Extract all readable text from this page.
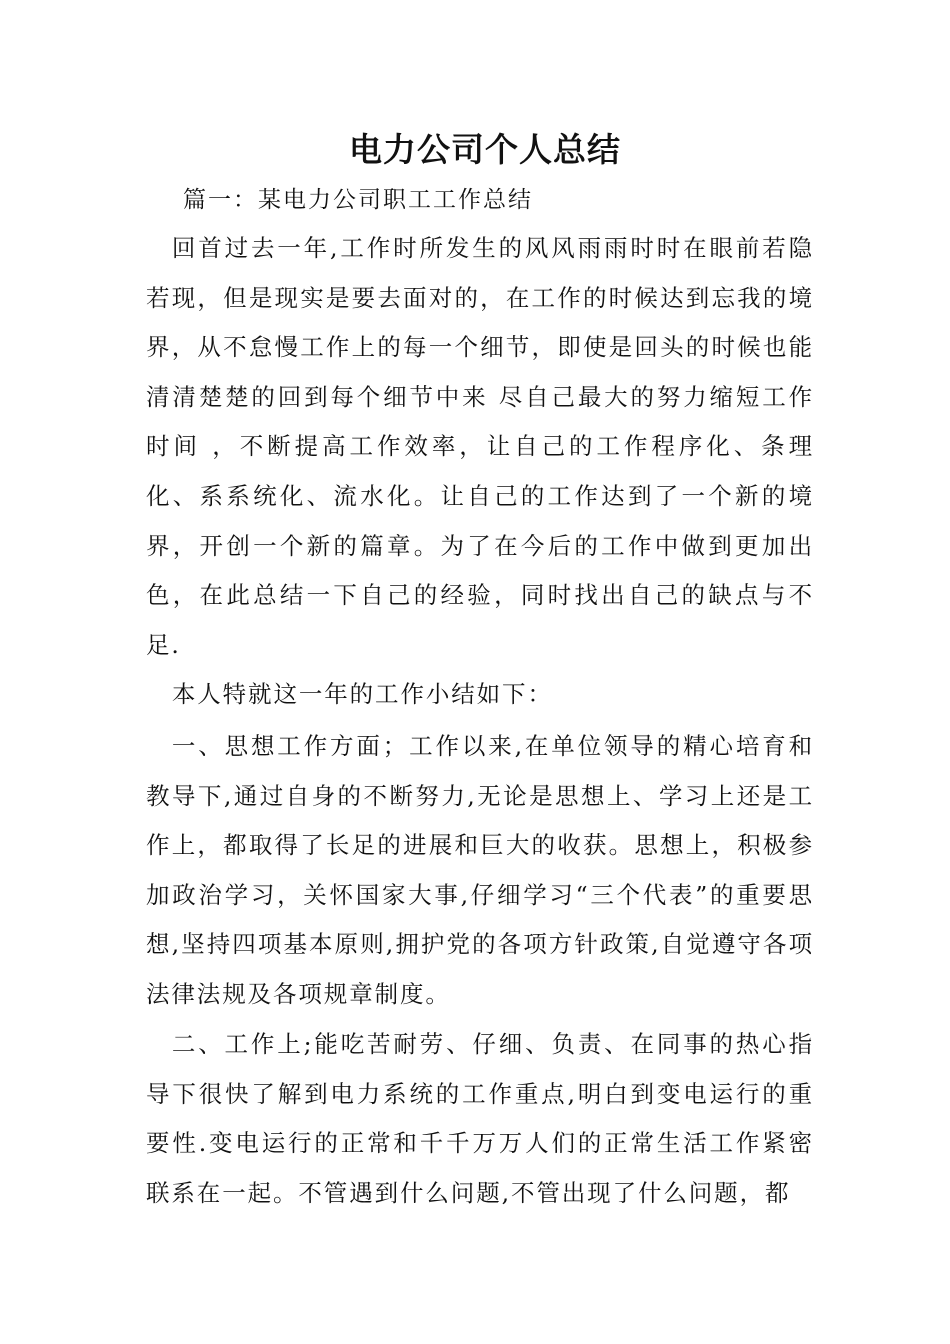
电力公司个人总结

篇一：某电力公司职工工作总结

回首过去一年,工作时所发生的风风雨雨时时在眼前若隐若现，但是现实是要去面对的，在工作的时候达到忘我的境界，从不怠慢工作上的每一个细节，即使是回头的时候也能清清楚楚的回到每个细节中来 尽自己最大的努力缩短工作时间 ，不断提高工作效率，让自己的工作程序化、条理化、系系统化、流水化。让自己的工作达到了一个新的境界，开创一个新的篇章。为了在今后的工作中做到更加出色，在此总结一下自己的经验，同时找出自己的缺点与不足.

本人特就这一年的工作小结如下：

一、思想工作方面；工作以来,在单位领导的精心培育和教导下,通过自身的不断努力,无论是思想上、学习上还是工作上，都取得了长足的进展和巨大的收获。思想上，积极参加政治学习，关怀国家大事,仔细学习“三个代表”的重要思想,坚持四项基本原则,拥护党的各项方针政策,自觉遵守各项法律法规及各项规章制度。

二、工作上;能吃苦耐劳、仔细、负责、在同事的热心指导下很快了解到电力系统的工作重点,明白到变电运行的重要性.变电运行的正常和千千万万人们的正常生活工作紧密联系在一起。不管遇到什么问题,不管出现了什么问题，都
